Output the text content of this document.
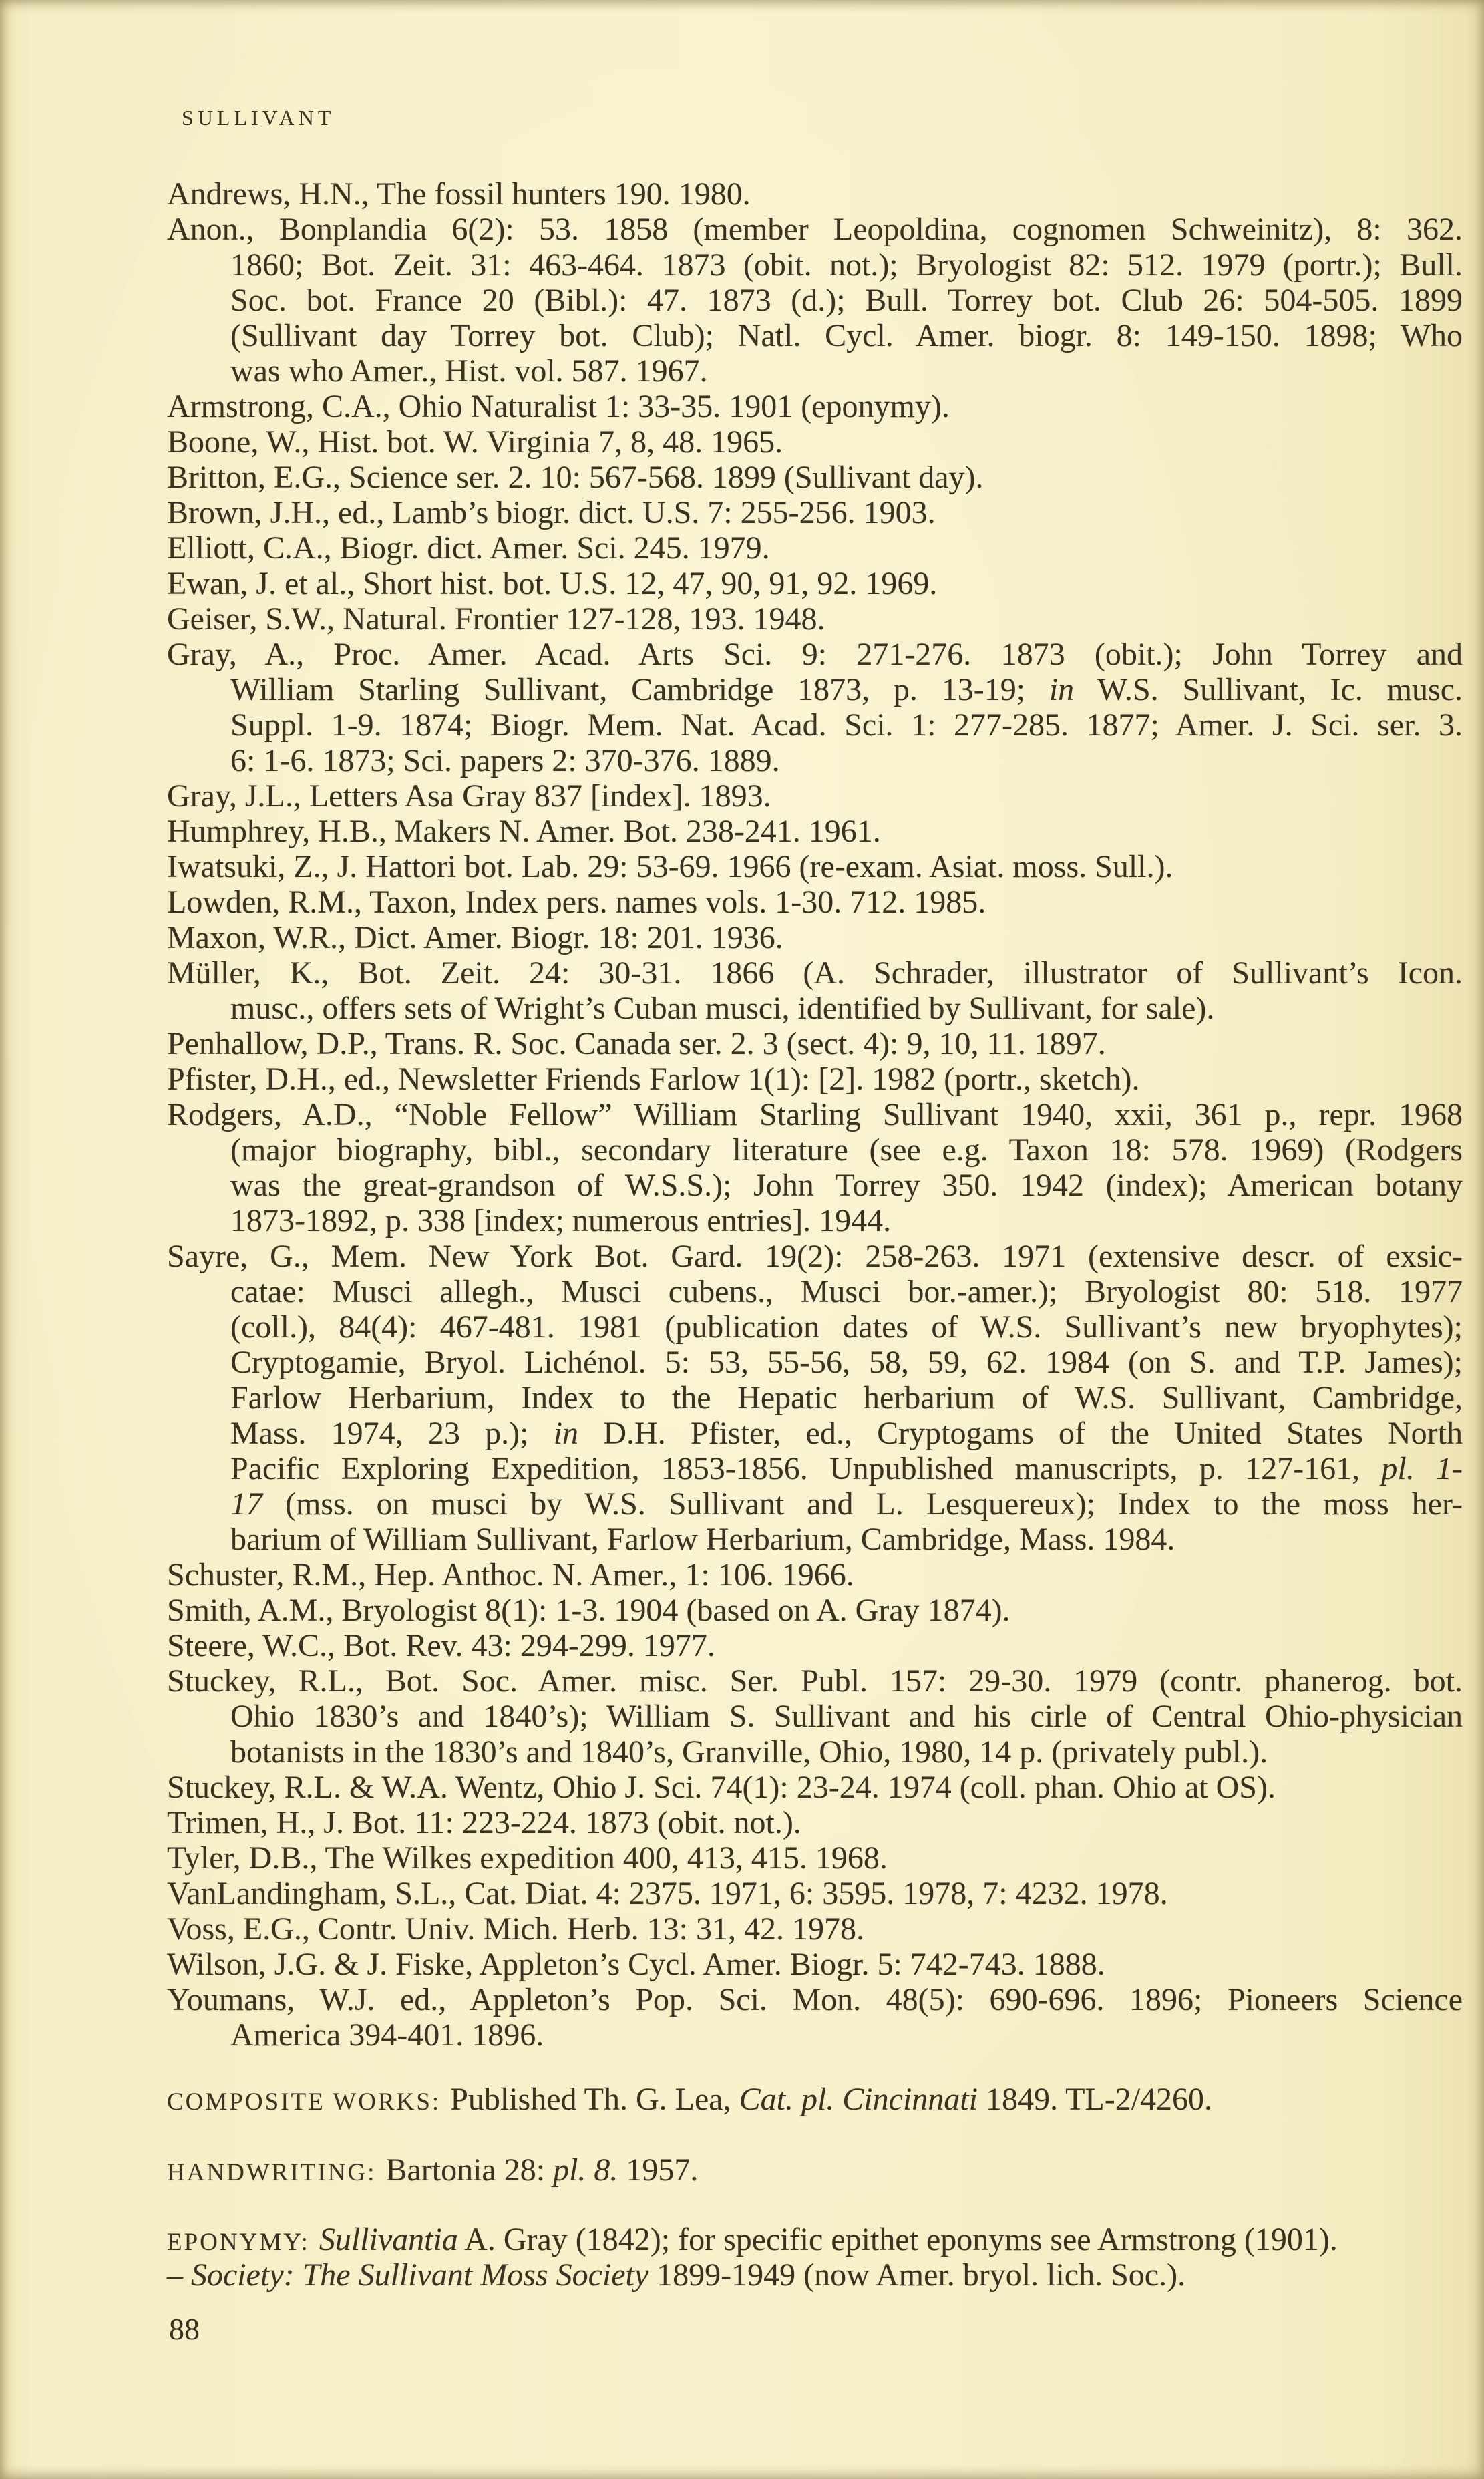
SULLIVANT
Andrews, H.N., The fossil hunters 190. 1980.
Anon., Bonplandia 6(2): 53. 1858 (member Leopoldina, cognomen Schweinitz), 8: 362.
1860; Bot. Zeit. 31: 463-464. 1873 (obit. not.); Bryologist 82: 512. 1979 (portr.); Bull.
Soc. bot. France 20 (Bibl.): 47. 1873 (d.); Bull. Torrey bot. Club 26: 504-505. 1899
(Sullivant day Torrey bot. Club); Natl. Cycl. Amer. biogr. 8: 149-150. 1898; Who
was who Amer., Hist. vol. 587. 1967.
Armstrong, C.A., Ohio Naturalist 1: 33-35. 1901 (eponymy).
Boone, W., Hist. bot. W. Virginia 7, 8, 48. 1965.
Britton, E.G., Science ser. 2. 10: 567-568. 1899 (Sullivant day).
Brown, J.H., ed., Lamb’s biogr. dict. U.S. 7: 255-256. 1903.
Elliott, C.A., Biogr. dict. Amer. Sci. 245. 1979.
Ewan, J. et al., Short hist. bot. U.S. 12, 47, 90, 91, 92. 1969.
Geiser, S.W., Natural. Frontier 127-128, 193. 1948.
Gray, A., Proc. Amer. Acad. Arts Sci. 9: 271-276. 1873 (obit.); John Torrey and
William Starling Sullivant, Cambridge 1873, p. 13-19; in W.S. Sullivant, Ic. musc.
Suppl. 1-9. 1874; Biogr. Mem. Nat. Acad. Sci. 1: 277-285. 1877; Amer. J. Sci. ser. 3.
6: 1-6. 1873; Sci. papers 2: 370-376. 1889.
Gray, J.L., Letters Asa Gray 837 [index]. 1893.
Humphrey, H.B., Makers N. Amer. Bot. 238-241. 1961.
Iwatsuki, Z., J. Hattori bot. Lab. 29: 53-69. 1966 (re-exam. Asiat. moss. Sull.).
Lowden, R.M., Taxon, Index pers. names vols. 1-30. 712. 1985.
Maxon, W.R., Dict. Amer. Biogr. 18: 201. 1936.
Müller, K., Bot. Zeit. 24: 30-31. 1866 (A. Schrader, illustrator of Sullivant’s Icon.
musc., offers sets of Wright’s Cuban musci, identified by Sullivant, for sale).
Penhallow, D.P., Trans. R. Soc. Canada ser. 2. 3 (sect. 4): 9, 10, 11. 1897.
Pfister, D.H., ed., Newsletter Friends Farlow 1(1): [2]. 1982 (portr., sketch).
Rodgers, A.D., “Noble Fellow” William Starling Sullivant 1940, xxii, 361 p., repr. 1968
(major biography, bibl., secondary literature (see e.g. Taxon 18: 578. 1969) (Rodgers
was the great-grandson of W.S.S.); John Torrey 350. 1942 (index); American botany
1873-1892, p. 338 [index; numerous entries]. 1944.
Sayre, G., Mem. New York Bot. Gard. 19(2): 258-263. 1971 (extensive descr. of exsic-
catae: Musci allegh., Musci cubens., Musci bor.-amer.); Bryologist 80: 518. 1977
(coll.), 84(4): 467-481. 1981 (publication dates of W.S. Sullivant’s new bryophytes);
Cryptogamie, Bryol. Lichénol. 5: 53, 55-56, 58, 59, 62. 1984 (on S. and T.P. James);
Farlow Herbarium, Index to the Hepatic herbarium of W.S. Sullivant, Cambridge,
Mass. 1974, 23 p.); in D.H. Pfister, ed., Cryptogams of the United States North
Pacific Exploring Expedition, 1853-1856. Unpublished manuscripts, p. 127-161, pl. 1-
17 (mss. on musci by W.S. Sullivant and L. Lesquereux); Index to the moss her-
barium of William Sullivant, Farlow Herbarium, Cambridge, Mass. 1984.
Schuster, R.M., Hep. Anthoc. N. Amer., 1: 106. 1966.
Smith, A.M., Bryologist 8(1): 1-3. 1904 (based on A. Gray 1874).
Steere, W.C., Bot. Rev. 43: 294-299. 1977.
Stuckey, R.L., Bot. Soc. Amer. misc. Ser. Publ. 157: 29-30. 1979 (contr. phanerog. bot.
Ohio 1830’s and 1840’s); William S. Sullivant and his cirle of Central Ohio-physician
botanists in the 1830’s and 1840’s, Granville, Ohio, 1980, 14 p. (privately publ.).
Stuckey, R.L. & W.A. Wentz, Ohio J. Sci. 74(1): 23-24. 1974 (coll. phan. Ohio at OS).
Trimen, H., J. Bot. 11: 223-224. 1873 (obit. not.).
Tyler, D.B., The Wilkes expedition 400, 413, 415. 1968.
VanLandingham, S.L., Cat. Diat. 4: 2375. 1971, 6: 3595. 1978, 7: 4232. 1978.
Voss, E.G., Contr. Univ. Mich. Herb. 13: 31, 42. 1978.
Wilson, J.G. & J. Fiske, Appleton’s Cycl. Amer. Biogr. 5: 742-743. 1888.
Youmans, W.J. ed., Appleton’s Pop. Sci. Mon. 48(5): 690-696. 1896; Pioneers Science
America 394-401. 1896.
COMPOSITE WORKS: Published Th. G. Lea, Cat. pl. Cincinnati 1849. TL-2/4260.
HANDWRITING: Bartonia 28: pl. 8. 1957.
EPONYMY: Sullivantia A. Gray (1842); for specific epithet eponyms see Armstrong (1901).
– Society: The Sullivant Moss Society 1899-1949 (now Amer. bryol. lich. Soc.).
88
